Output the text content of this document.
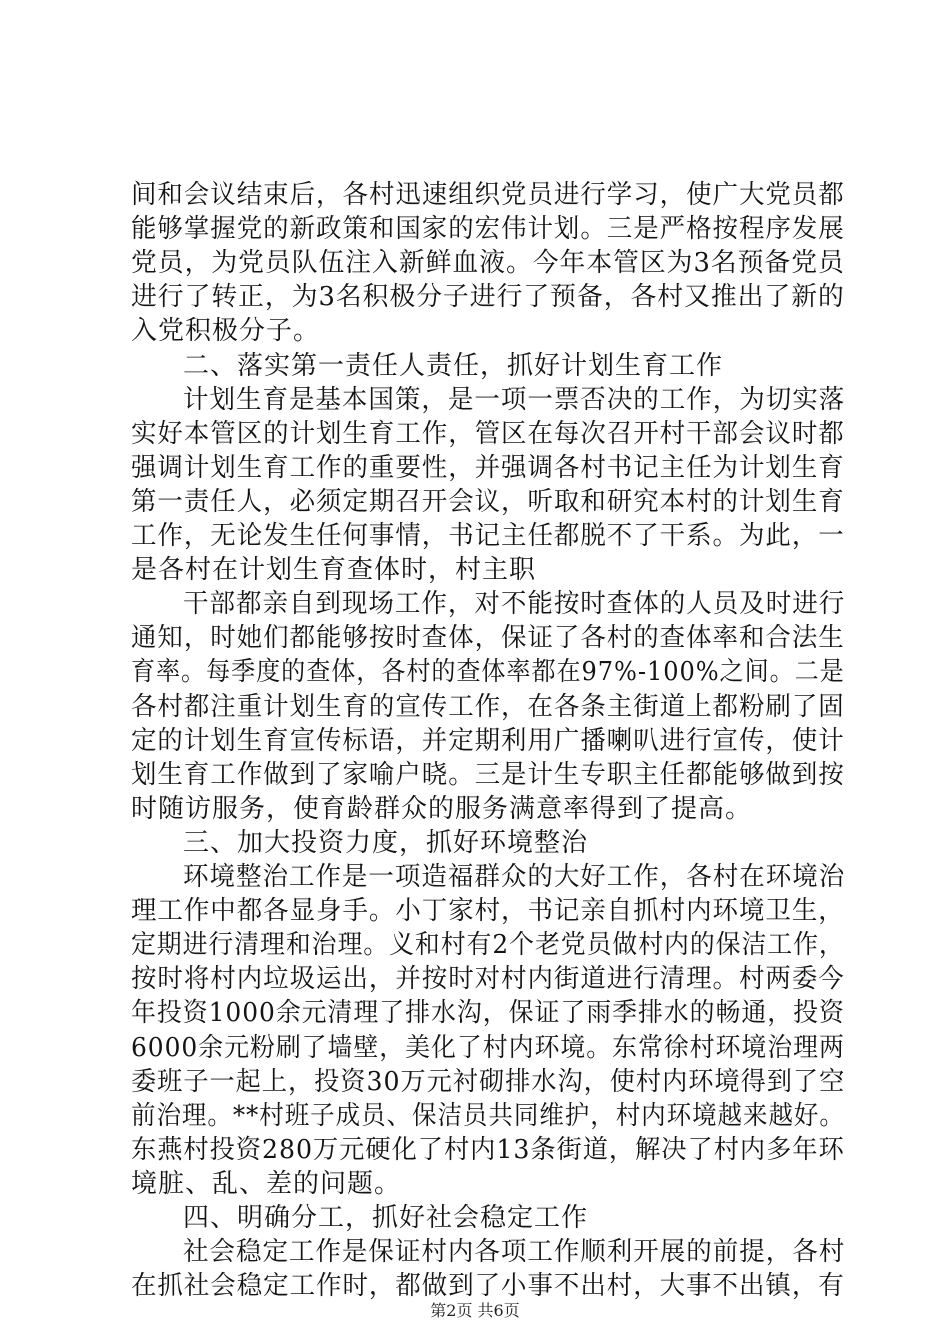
间和会议结束后，各村迅速组织党员进行学习，使广大党员都
能够掌握党的新政策和国家的宏伟计划。三是严格按程序发展
党员，为党员队伍注入新鲜血液。今年本管区为3名预备党员
进行了转正，为3名积极分子进行了预备，各村又推出了新的
入党积极分子。
二、落实第一责任人责任，抓好计划生育工作
计划生育是基本国策，是一项一票否决的工作，为切实落
实好本管区的计划生育工作，管区在每次召开村干部会议时都
强调计划生育工作的重要性，并强调各村书记主任为计划生育
第一责任人，必须定期召开会议，听取和研究本村的计划生育
工作，无论发生任何事情，书记主任都脱不了干系。为此，一
是各村在计划生育查体时，村主职
干部都亲自到现场工作，对不能按时查体的人员及时进行
通知，时她们都能够按时查体，保证了各村的查体率和合法生
育率。每季度的查体，各村的查体率都在97%-100%之间。二是
各村都注重计划生育的宣传工作，在各条主街道上都粉刷了固
定的计划生育宣传标语，并定期利用广播喇叭进行宣传，使计
划生育工作做到了家喻户晓。三是计生专职主任都能够做到按
时随访服务，使育龄群众的服务满意率得到了提高。
三、加大投资力度，抓好环境整治
环境整治工作是一项造福群众的大好工作，各村在环境治
理工作中都各显身手。小丁家村，书记亲自抓村内环境卫生，
定期进行清理和治理。义和村有2个老党员做村内的保洁工作，
按时将村内垃圾运出，并按时对村内街道进行清理。村两委今
年投资1000余元清理了排水沟，保证了雨季排水的畅通，投资
6000余元粉刷了墙壁，美化了村内环境。东常徐村环境治理两
委班子一起上，投资30万元衬砌排水沟，使村内环境得到了空
前治理。**村班子成员、保洁员共同维护，村内环境越来越好。
东燕村投资280万元硬化了村内13条街道，解决了村内多年环
境脏、乱、差的问题。
四、明确分工，抓好社会稳定工作
社会稳定工作是保证村内各项工作顺利开展的前提，各村
在抓社会稳定工作时，都做到了小事不出村，大事不出镇，有
第2页 共6页
